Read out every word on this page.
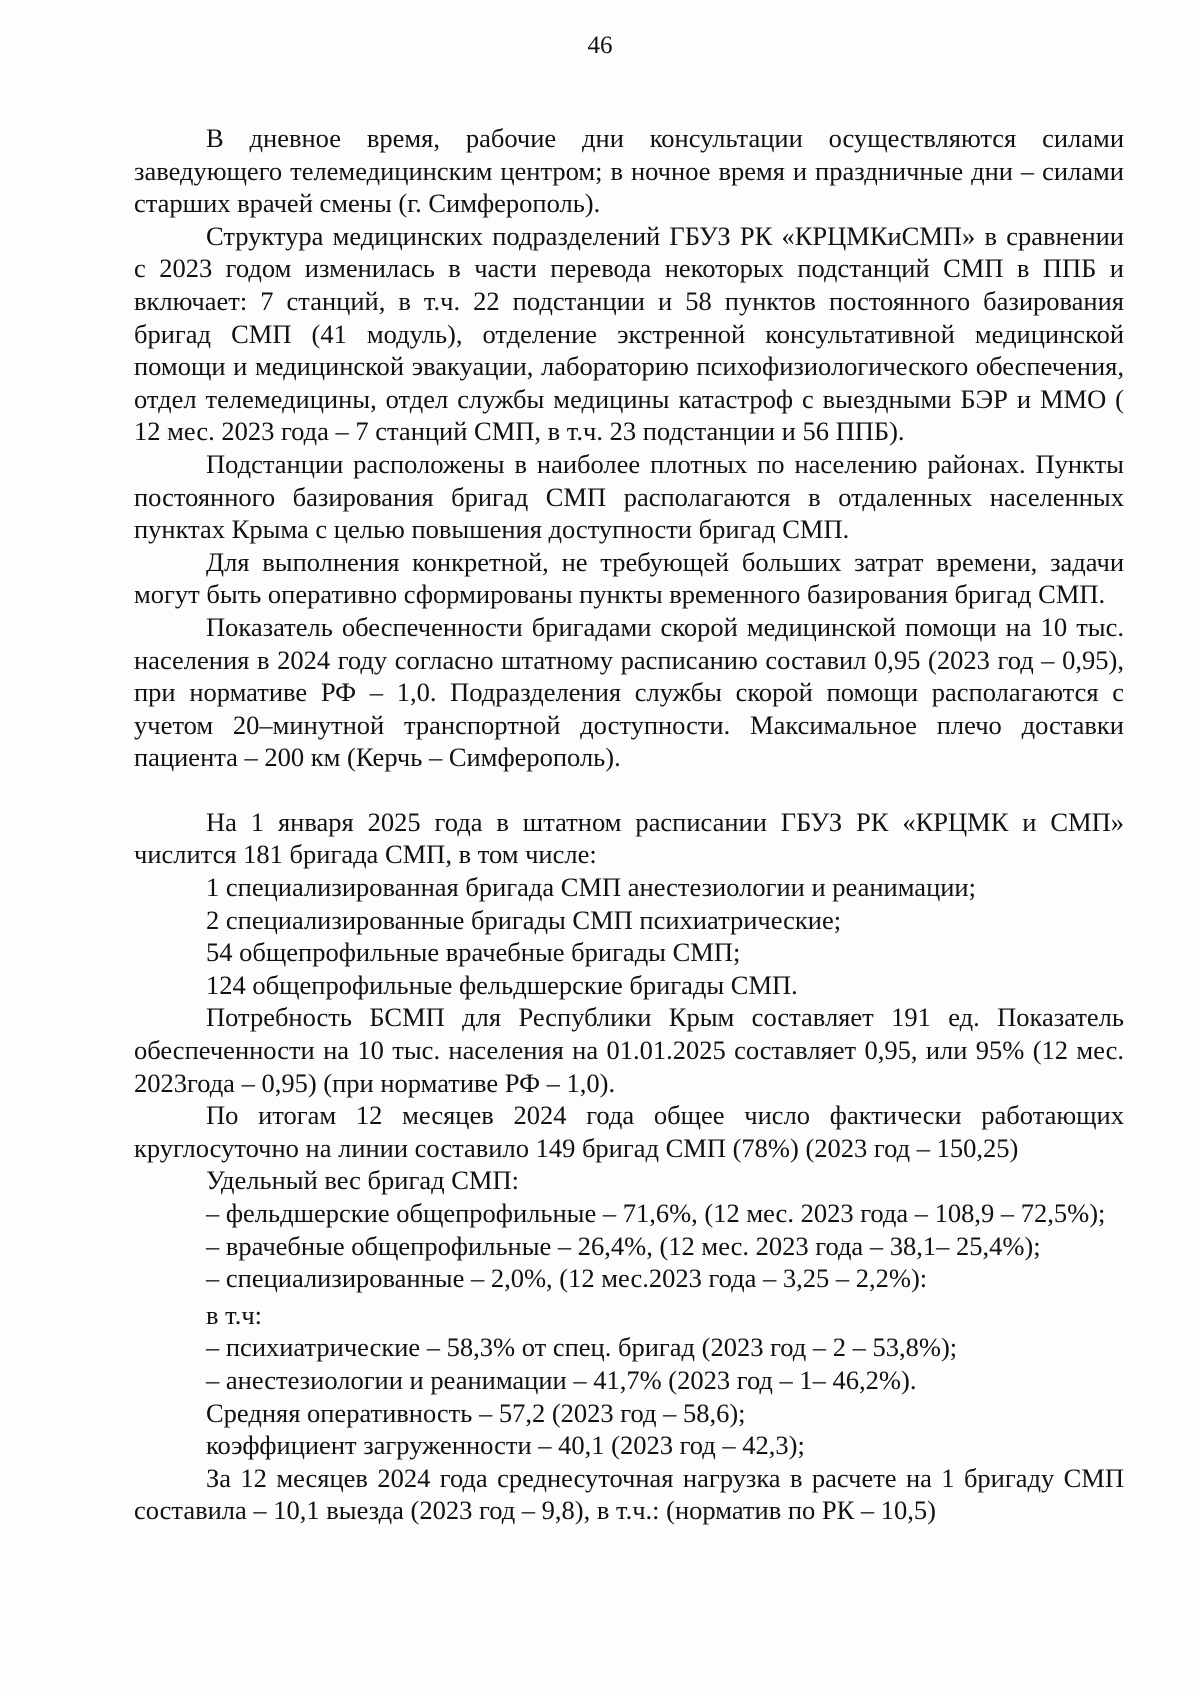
46

В дневное время, рабочие дни консультации осуществляются силами заведующего телемедицинским центром; в ночное время и праздничные дни – силами старших врачей смены (г. Симферополь).

Структура медицинских подразделений ГБУЗ РК «КРЦМКиСМП» в сравнении с 2023 годом изменилась в части перевода некоторых подстанций СМП в ППБ и включает: 7 станций, в т.ч. 22 подстанции и 58 пунктов постоянного базирования бригад СМП (41 модуль), отделение экстренной консультативной медицинской помощи и медицинской эвакуации, лабораторию психофизиологического обеспечения, отдел телемедицины, отдел службы медицины катастроф с выездными БЭР и ММО ( 12 мес. 2023 года – 7 станций СМП, в т.ч. 23 подстанции и 56 ППБ).

Подстанции расположены в наиболее плотных по населению районах. Пункты постоянного базирования бригад СМП располагаются в отдаленных населенных пунктах Крыма с целью повышения доступности бригад СМП.

Для выполнения конкретной, не требующей больших затрат времени, задачи могут быть оперативно сформированы пункты временного базирования бригад СМП.

Показатель обеспеченности бригадами скорой медицинской помощи на 10 тыс. населения в 2024 году согласно штатному расписанию составил 0,95 (2023 год – 0,95), при нормативе РФ – 1,0. Подразделения службы скорой помощи располагаются с учетом 20–минутной транспортной доступности. Максимальное плечо доставки пациента – 200 км (Керчь – Симферополь).

На 1 января 2025 года в штатном расписании ГБУЗ РК «КРЦМК и СМП» числится 181 бригада СМП, в том числе:

1 специализированная бригада СМП анестезиологии и реанимации;
2 специализированные бригады СМП психиатрические;
54 общепрофильные врачебные бригады СМП;
124 общепрофильные фельдшерские бригады СМП.

Потребность БСМП для Республики Крым составляет 191 ед. Показатель обеспеченности на 10 тыс. населения на 01.01.2025 составляет 0,95, или 95% (12 мес. 2023года – 0,95) (при нормативе РФ – 1,0).

По итогам 12 месяцев 2024 года общее число фактически работающих круглосуточно на линии составило 149 бригад СМП (78%) (2023 год – 150,25)

Удельный вес бригад СМП:
– фельдшерские общепрофильные – 71,6%, (12 мес. 2023 года – 108,9 – 72,5%);
– врачебные общепрофильные – 26,4%, (12 мес. 2023 года – 38,1– 25,4%);
– специализированные – 2,0%, (12 мес.2023 года – 3,25 – 2,2%):
в т.ч:
– психиатрические – 58,3% от спец. бригад (2023 год – 2 – 53,8%);
– анестезиологии и реанимации – 41,7% (2023 год – 1– 46,2%).
Средняя оперативность – 57,2 (2023 год – 58,6);
коэффициент загруженности – 40,1 (2023 год – 42,3);

За 12 месяцев 2024 года среднесуточная нагрузка в расчете на 1 бригаду СМП составила – 10,1 выезда (2023 год – 9,8), в т.ч.: (норматив по РК – 10,5)
